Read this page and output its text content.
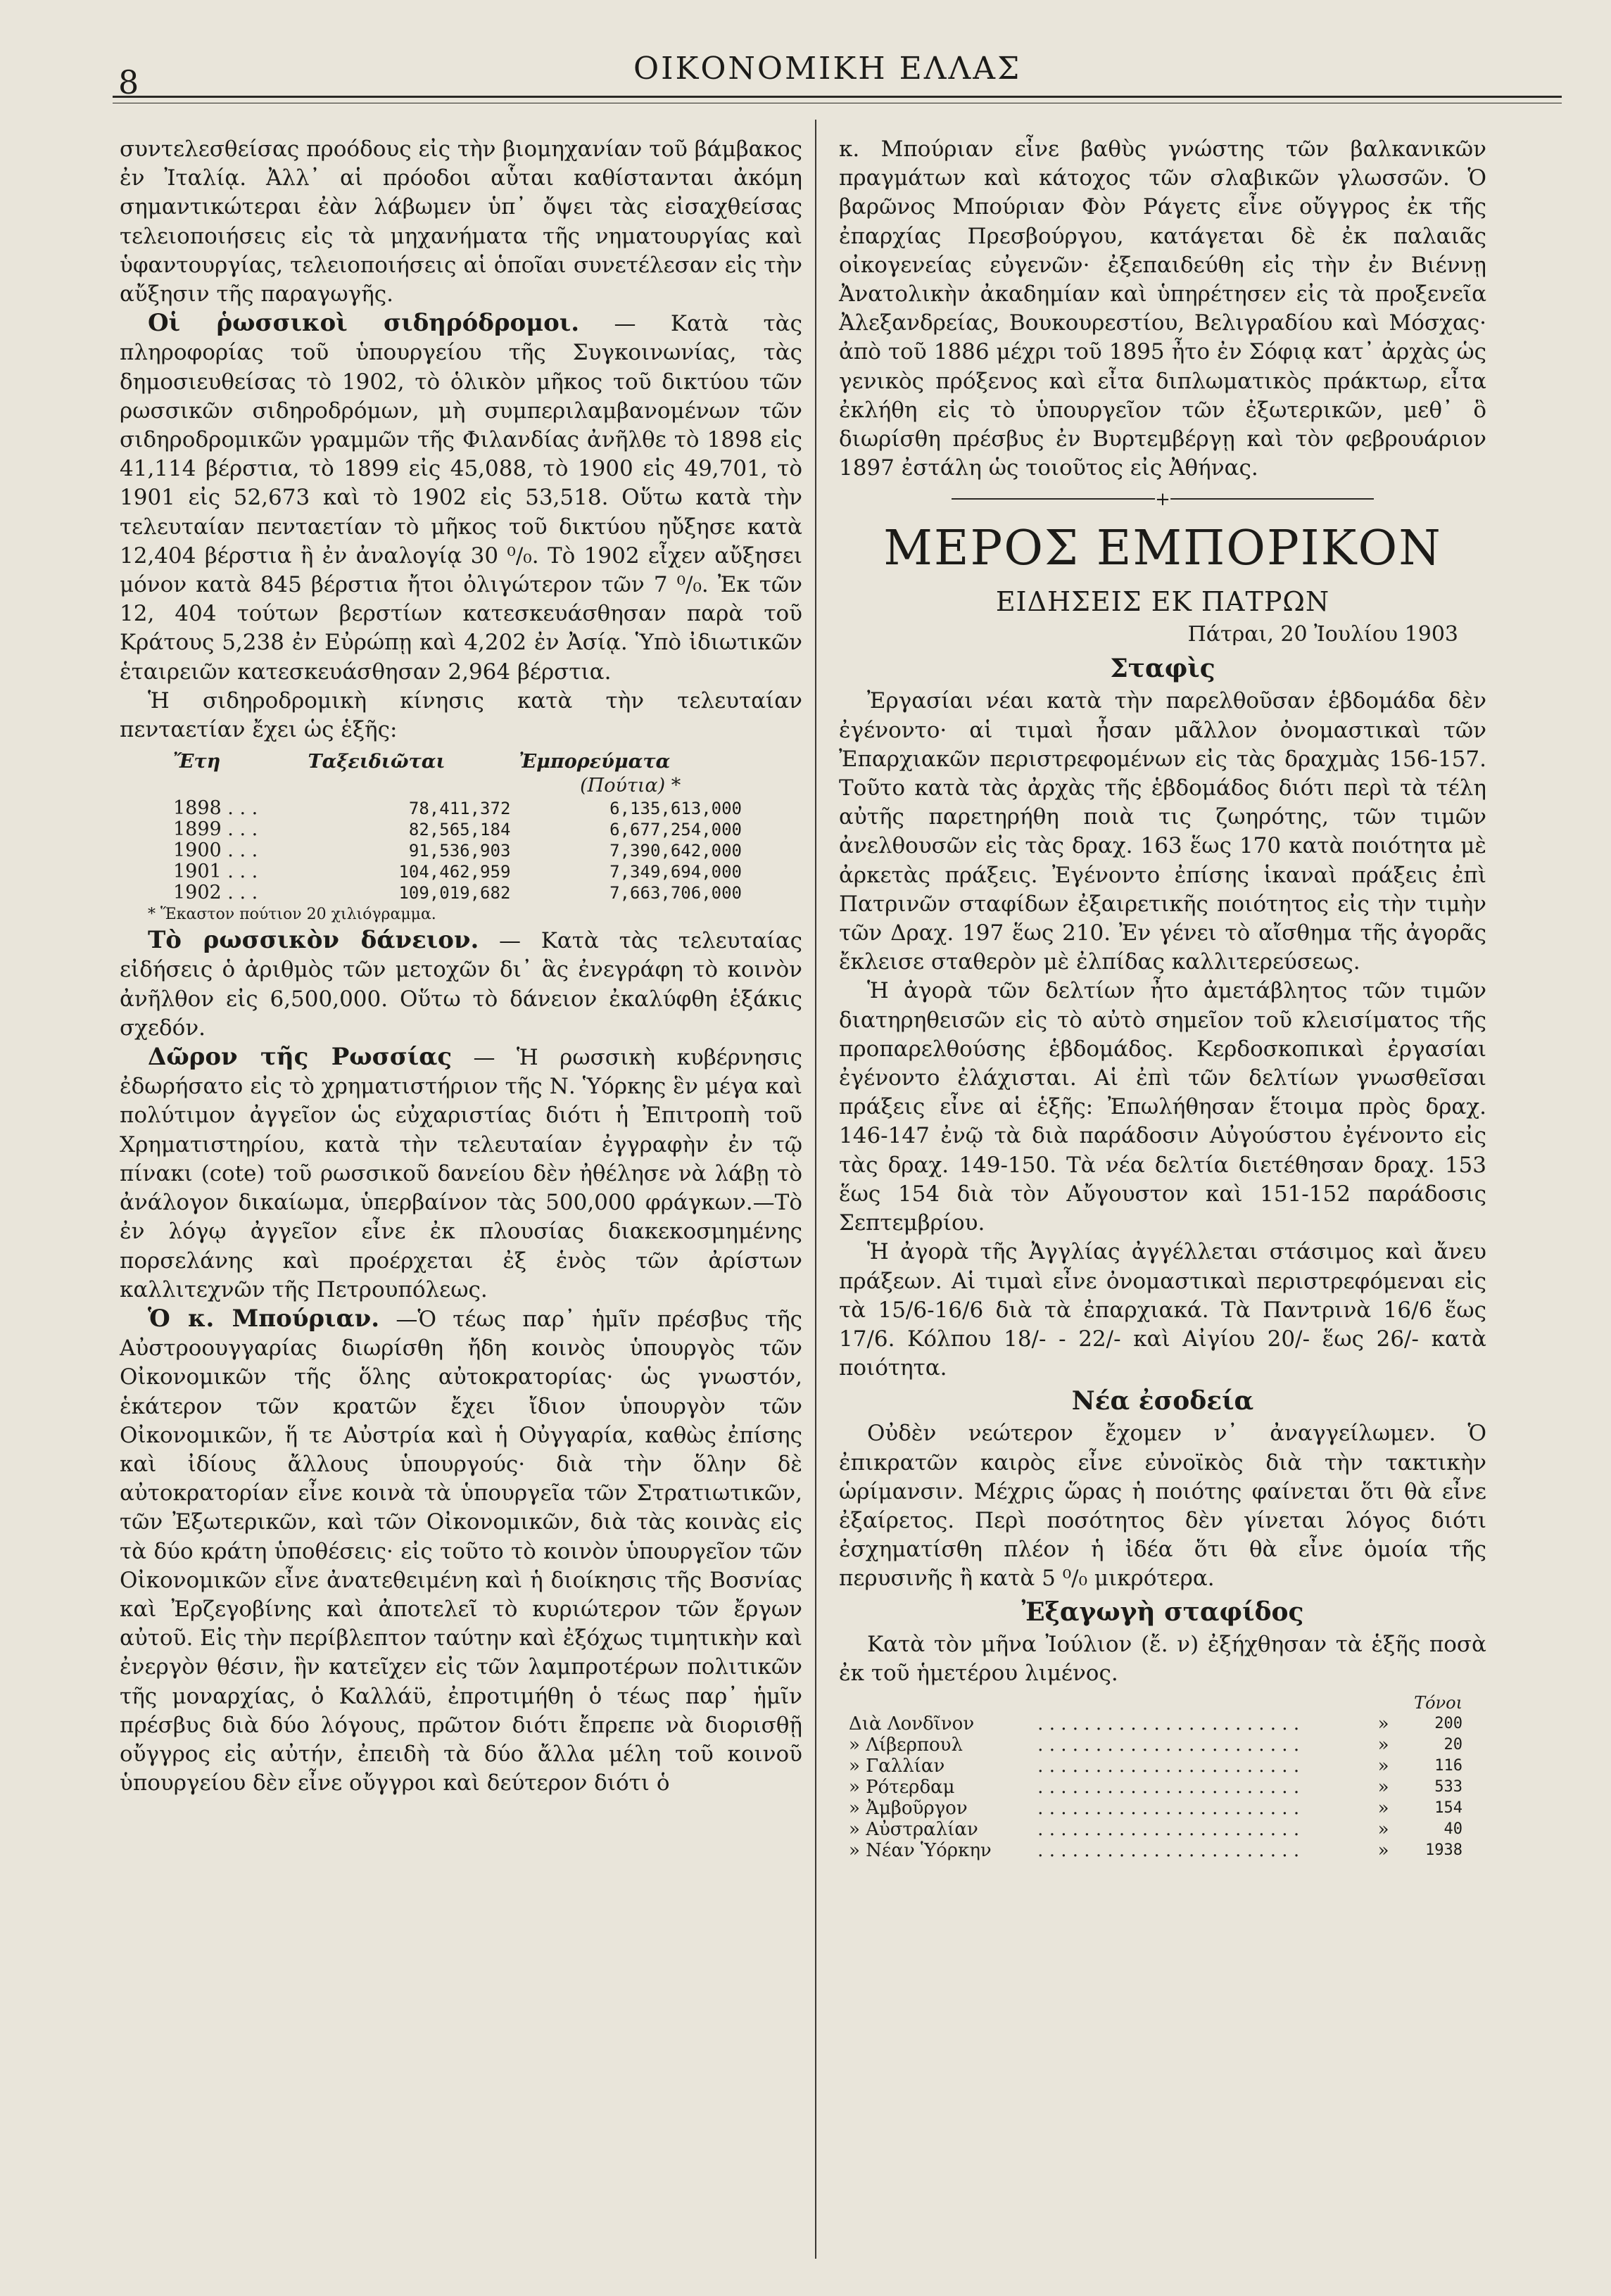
8	ΟΙΚΟΝΟΜΙΚΗ ΕΛΛΑΣ

συντελεσθείσας προόδους εἰς τὴν βιομηχανίαν τοῦ βάμβακος ἐν Ἰταλίᾳ. Ἀλλ᾽ αἱ πρόοδοι αὗται καθίστανται ἀκόμη σημαντικώτεραι ἐὰν λάβωμεν ὑπ᾽ ὄψει τὰς εἰσαχθείσας τελειοποιήσεις εἰς τὰ μηχανήματα τῆς νηματουργίας καὶ ὑφαντουργίας, τελειοποιήσεις αἱ ὁποῖαι συνετέλεσαν εἰς τὴν αὔξησιν τῆς παραγωγῆς.

Οἱ ῥωσσικοὶ σιδηρόδρομοι. — Κατὰ τὰς πληροφορίας τοῦ ὑπουργείου τῆς Συγκοινωνίας, τὰς δημοσιευθείσας τὸ 1902, τὸ ὁλικὸν μῆκος τοῦ δικτύου τῶν ρωσσικῶν σιδηροδρόμων, μὴ συμπεριλαμβανομένων τῶν σιδηροδρομικῶν γραμμῶν τῆς Φιλανδίας ἀνῆλθε τὸ 1898 εἰς 41,114 βέρστια, τὸ 1899 εἰς 45,088, τὸ 1900 εἰς 49,701, τὸ 1901 εἰς 52,673 καὶ τὸ 1902 εἰς 53,518. Οὕτω κατὰ τὴν τελευταίαν πενταετίαν τὸ μῆκος τοῦ δικτύου ηὔξησε κατὰ 12,404 βέρστια ἢ ἐν ἀναλογίᾳ 30 ⁰/₀. Τὸ 1902 εἶχεν αὔξησει μόνον κατὰ 845 βέρστια ἤτοι ὀλιγώτερον τῶν 7 ⁰/₀. Ἐκ τῶν 12, 404 τούτων βερστίων κατεσκευάσθησαν παρὰ τοῦ Κράτους 5,238 ἐν Εὐρώπῃ καὶ 4,202 ἐν Ἀσίᾳ. Ὑπὸ ἰδιωτικῶν ἑταιρειῶν κατεσκευάσθησαν 2,964 βέρστια.

Ἡ σιδηροδρομικὴ κίνησις κατὰ τὴν τελευταίαν πενταετίαν ἔχει ὡς ἑξῆς:

Ἔτη	Ταξειδιῶται	Ἐμπορεύματα
		(Πούτια) *
1898 . . .	78,411,372	6,135,613,000
1899 . . .	82,565,184	6,677,254,000
1900 . . .	91,536,903	7,390,642,000
1901 . . .	104,462,959	7,349,694,000
1902 . . .	109,019,682	7,663,706,000
* Ἕκαστον πούτιον 20 χιλιόγραμμα.

Τὸ ρωσσικὸν δάνειον. — Κατὰ τὰς τελευταίας εἰδήσεις ὁ ἀριθμὸς τῶν μετοχῶν δι᾽ ἃς ἐνεγράφη τὸ κοινὸν ἀνῆλθον εἰς 6,500,000. Οὕτω τὸ δάνειον ἐκαλύφθη ἑξάκις σχεδόν.

Δῶρον τῆς Ρωσσίας — Ἡ ρωσσικὴ κυβέρνησις ἐδωρήσατο εἰς τὸ χρηματιστήριον τῆς Ν. Ὑόρκης ἓν μέγα καὶ πολύτιμον ἀγγεῖον ὡς εὐχαριστίας διότι ἡ Ἐπιτροπὴ τοῦ Χρηματιστηρίου, κατὰ τὴν τελευταίαν ἐγγραφὴν ἐν τῷ πίνακι (cote) τοῦ ρωσσικοῦ δανείου δὲν ἠθέλησε νὰ λάβῃ τὸ ἀνάλογον δικαίωμα, ὑπερβαίνον τὰς 500,000 φράγκων.—Τὸ ἐν λόγῳ ἀγγεῖον εἶνε ἐκ πλουσίας διακεκοσμημένης πορσελάνης καὶ προέρχεται ἐξ ἑνὸς τῶν ἀρίστων καλλιτεχνῶν τῆς Πετρουπόλεως.

Ὁ κ. Μπούριαν. —Ὁ τέως παρ᾽ ἡμῖν πρέσβυς τῆς Αὐστροουγγαρίας διωρίσθη ἤδη κοινὸς ὑπουργὸς τῶν Οἰκονομικῶν τῆς ὅλης αὐτοκρατορίας· ὡς γνωστόν, ἑκάτερον τῶν κρατῶν ἔχει ἴδιον ὑπουργὸν τῶν Οἰκονομικῶν, ἥ τε Αὐστρία καὶ ἡ Οὐγγαρία, καθὼς ἐπίσης καὶ ἰδίους ἄλλους ὑπουργούς· διὰ τὴν ὅλην δὲ αὐτοκρατορίαν εἶνε κοινὰ τὰ ὑπουργεῖα τῶν Στρατιωτικῶν, τῶν Ἐξωτερικῶν, καὶ τῶν Οἰκονομικῶν, διὰ τὰς κοινὰς εἰς τὰ δύο κράτη ὑποθέσεις· εἰς τοῦτο τὸ κοινὸν ὑπουργεῖον τῶν Οἰκονομικῶν εἶνε ἀνατεθειμένη καὶ ἡ διοίκησις τῆς Βοσνίας καὶ Ἐρζεγοβίνης καὶ ἀποτελεῖ τὸ κυριώτερον τῶν ἔργων αὐτοῦ. Εἰς τὴν περίβλεπτον ταύτην καὶ ἐξόχως τιμητικὴν καὶ ἐνεργὸν θέσιν, ἣν κατεῖχεν εἰς τῶν λαμπροτέρων πολιτικῶν τῆς μοναρχίας, ὁ Καλλάϋ, ἐπροτιμήθη ὁ τέως παρ᾽ ἡμῖν πρέσβυς διὰ δύο λόγους, πρῶτον διότι ἔπρεπε νὰ διορισθῇ οὔγγρος εἰς αὐτήν, ἐπειδὴ τὰ δύο ἄλλα μέλη τοῦ κοινοῦ ὑπουργείου δὲν εἶνε οὔγγροι καὶ δεύτερον διότι ὁ

κ. Μπούριαν εἶνε βαθὺς γνώστης τῶν βαλκανικῶν πραγμάτων καὶ κάτοχος τῶν σλαβικῶν γλωσσῶν. Ὁ βαρῶνος Μπούριαν Φὸν Ράγετς εἶνε οὔγγρος ἐκ τῆς ἐπαρχίας Πρεσβούργου, κατάγεται δὲ ἐκ παλαιᾶς οἰκογενείας εὐγενῶν· ἐξεπαιδεύθη εἰς τὴν ἐν Βιέννῃ Ἀνατολικὴν ἀκαδημίαν καὶ ὑπηρέτησεν εἰς τὰ προξενεῖα Ἀλεξανδρείας, Βουκουρεστίου, Βελιγραδίου καὶ Μόσχας· ἀπὸ τοῦ 1886 μέχρι τοῦ 1895 ἦτο ἐν Σόφιᾳ κατ᾽ ἀρχὰς ὡς γενικὸς πρόξενος καὶ εἶτα διπλωματικὸς πράκτωρ, εἶτα ἐκλήθη εἰς τὸ ὑπουργεῖον τῶν ἐξωτερικῶν, μεθ᾽ ὃ διωρίσθη πρέσβυς ἐν Βυρτεμβέργῃ καὶ τὸν φεβρουάριον 1897 ἐστάλη ὡς τοιοῦτος εἰς Ἀθήνας.

+
ΜΕΡΟΣ ΕΜΠΟΡΙΚΟΝ
ΕΙΔΗΣΕΙΣ ΕΚ ΠΑΤΡΩΝ
Πάτραι, 20 Ἰουλίου 1903
Σταφὶς

Ἐργασίαι νέαι κατὰ τὴν παρελθοῦσαν ἑβδομάδα δὲν ἐγένοντο· αἱ τιμαὶ ἦσαν μᾶλλον ὀνομαστικαὶ τῶν Ἐπαρχιακῶν περιστρεφομένων εἰς τὰς δραχμὰς 156-157. Τοῦτο κατὰ τὰς ἀρχὰς τῆς ἑβδομάδος διότι περὶ τὰ τέλη αὐτῆς παρετηρήθη ποιὰ τις ζωηρότης, τῶν τιμῶν ἀνελθουσῶν εἰς τὰς δραχ. 163 ἕως 170 κατὰ ποιότητα μὲ ἀρκετὰς πράξεις. Ἐγένοντο ἐπίσης ἱκαναὶ πράξεις ἐπὶ Πατρινῶν σταφίδων ἐξαιρετικῆς ποιότητος εἰς τὴν τιμὴν τῶν Δραχ. 197 ἕως 210. Ἐν γένει τὸ αἴσθημα τῆς ἀγορᾶς ἔκλεισε σταθερὸν μὲ ἐλπίδας καλλιτερεύσεως.

Ἡ ἀγορὰ τῶν δελτίων ἦτο ἀμετάβλητος τῶν τιμῶν διατηρηθεισῶν εἰς τὸ αὐτὸ σημεῖον τοῦ κλεισίματος τῆς προπαρελθούσης ἑβδομάδος. Κερδοσκοπικαὶ ἐργασίαι ἐγένοντο ἐλάχισται. Αἱ ἐπὶ τῶν δελτίων γνωσθεῖσαι πράξεις εἶνε αἱ ἑξῆς: Ἐπωλήθησαν ἕτοιμα πρὸς δραχ. 146-147 ἐνῷ τὰ διὰ παράδοσιν Αὐγούστου ἐγένοντο εἰς τὰς δραχ. 149-150. Τὰ νέα δελτία διετέθησαν δραχ. 153 ἕως 154 διὰ τὸν Αὔγουστον καὶ 151-152 παράδοσις Σεπτεμβρίου.

Ἡ ἀγορὰ τῆς Ἀγγλίας ἀγγέλλεται στάσιμος καὶ ἄνευ πράξεων. Αἱ τιμαὶ εἶνε ὀνομαστικαὶ περιστρεφόμεναι εἰς τὰ 15/6-16/6 διὰ τὰ ἐπαρχιακά. Τὰ Παντρινὰ 16/6 ἕως 17/6. Κόλπου 18/- - 22/- καὶ Αἰγίου 20/- ἕως 26/- κατὰ ποιότητα.

Νέα ἐσοδεία

Οὐδὲν νεώτερον ἔχομεν ν᾽ ἀναγγείλωμεν. Ὁ ἐπικρατῶν καιρὸς εἶνε εὐνοϊκὸς διὰ τὴν τακτικὴν ὡρίμανσιν. Μέχρις ὥρας ἡ ποιότης φαίνεται ὅτι θὰ εἶνε ἐξαίρετος. Περὶ ποσότητος δὲν γίνεται λόγος διότι ἐσχηματίσθη πλέον ἡ ἰδέα ὅτι θὰ εἶνε ὁμοία τῆς περυσινῆς ἢ κατὰ 5 ⁰/₀ μικρότερα.

Ἐξαγωγὴ σταφίδος

Κατὰ τὸν μῆνα Ἰούλιον (ἔ. ν) ἐξήχθησαν τὰ ἑξῆς ποσὰ ἐκ τοῦ ἡμετέρου λιμένος.

			Τόνοι
Διὰ Λονδῖνον	. . . . . . . . . . . . . . . . . . . . . . .	»	200
» Λίβερπουλ	. . . . . . . . . . . . . . . . . . . . . . .	»	20
» Γαλλίαν	. . . . . . . . . . . . . . . . . . . . . . .	»	116
» Ρότερδαμ	. . . . . . . . . . . . . . . . . . . . . . .	»	533
» Ἀμβοῦργον	. . . . . . . . . . . . . . . . . . . . . . .	»	154
» Αὐστραλίαν	. . . . . . . . . . . . . . . . . . . . . . .	»	40
» Νέαν Ὑόρκην	. . . . . . . . . . . . . . . . . . . . . . .	»	1938
